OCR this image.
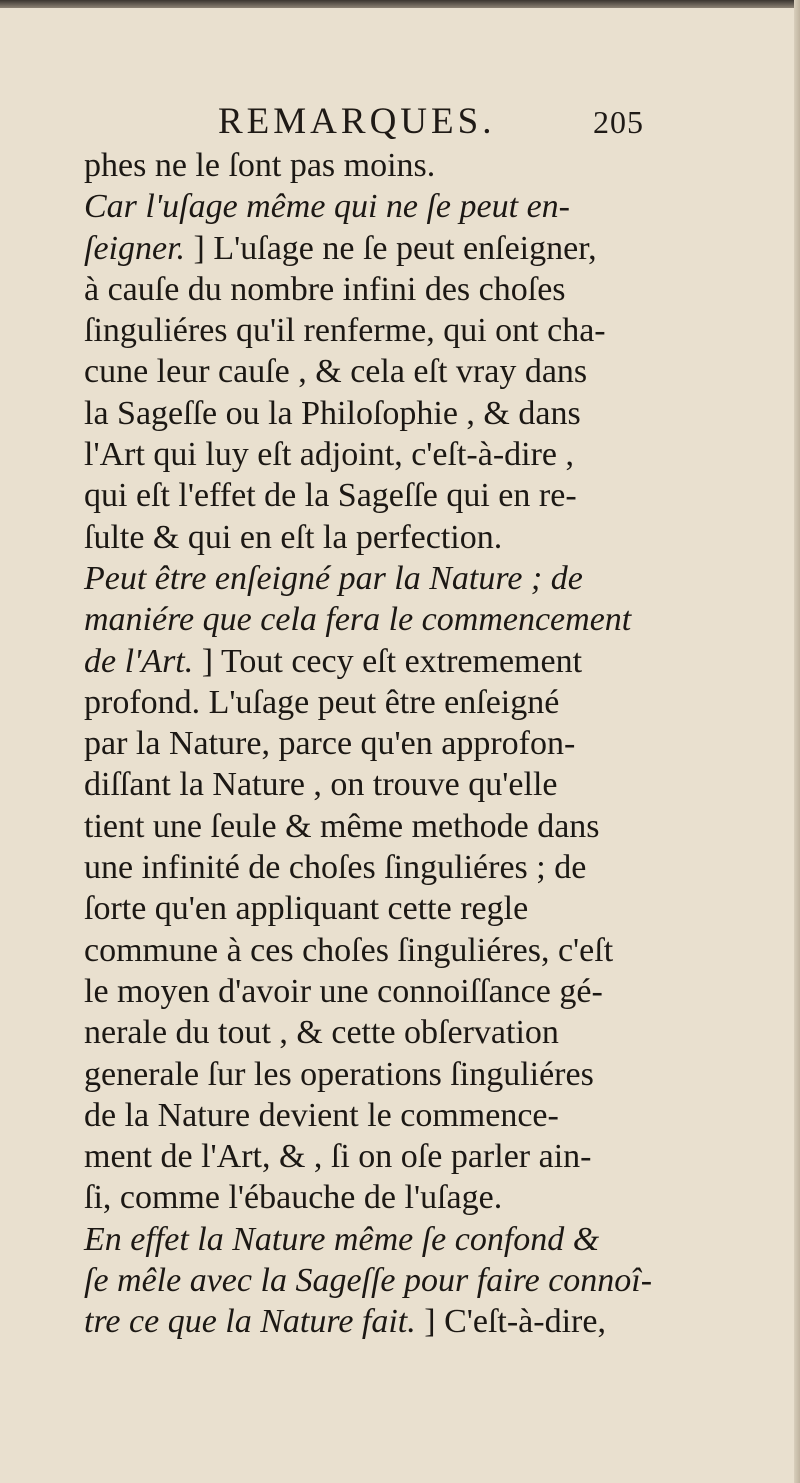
REMARQUES.	205
phes ne le ſont pas moins.
Car l'uſage même qui ne ſe peut en-
ſeigner. ] L'uſage ne ſe peut enſeigner,
à cauſe du nombre infini des choſes
ſinguliéres qu'il renferme, qui ont cha-
cune leur cauſe , & cela eſt vray dans
la Sageſſe ou la Philoſophie , & dans
l'Art qui luy eſt adjoint, c'eſt-à-dire ,
qui eſt l'effet de la Sageſſe qui en re-
ſulte & qui en eſt la perfection.
Peut être enſeigné par la Nature ; de
maniére que cela fera le commencement
de l'Art. ] Tout cecy eſt extremement
profond. L'uſage peut être enſeigné
par la Nature, parce qu'en approfon-
diſſant la Nature , on trouve qu'elle
tient une ſeule & même methode dans
une infinité de choſes ſinguliéres ; de
ſorte qu'en appliquant cette regle
commune à ces choſes ſinguliéres, c'eſt
le moyen d'avoir une connoiſſance gé-
nerale du tout , & cette obſervation
generale ſur les operations ſinguliéres
de la Nature devient le commence-
ment de l'Art, & , ſi on oſe parler ain-
ſi, comme l'ébauche de l'uſage.
En effet la Nature même ſe confond &
ſe mêle avec la Sageſſe pour faire connoî-
tre ce que la Nature fait. ] C'eſt-à-dire,
